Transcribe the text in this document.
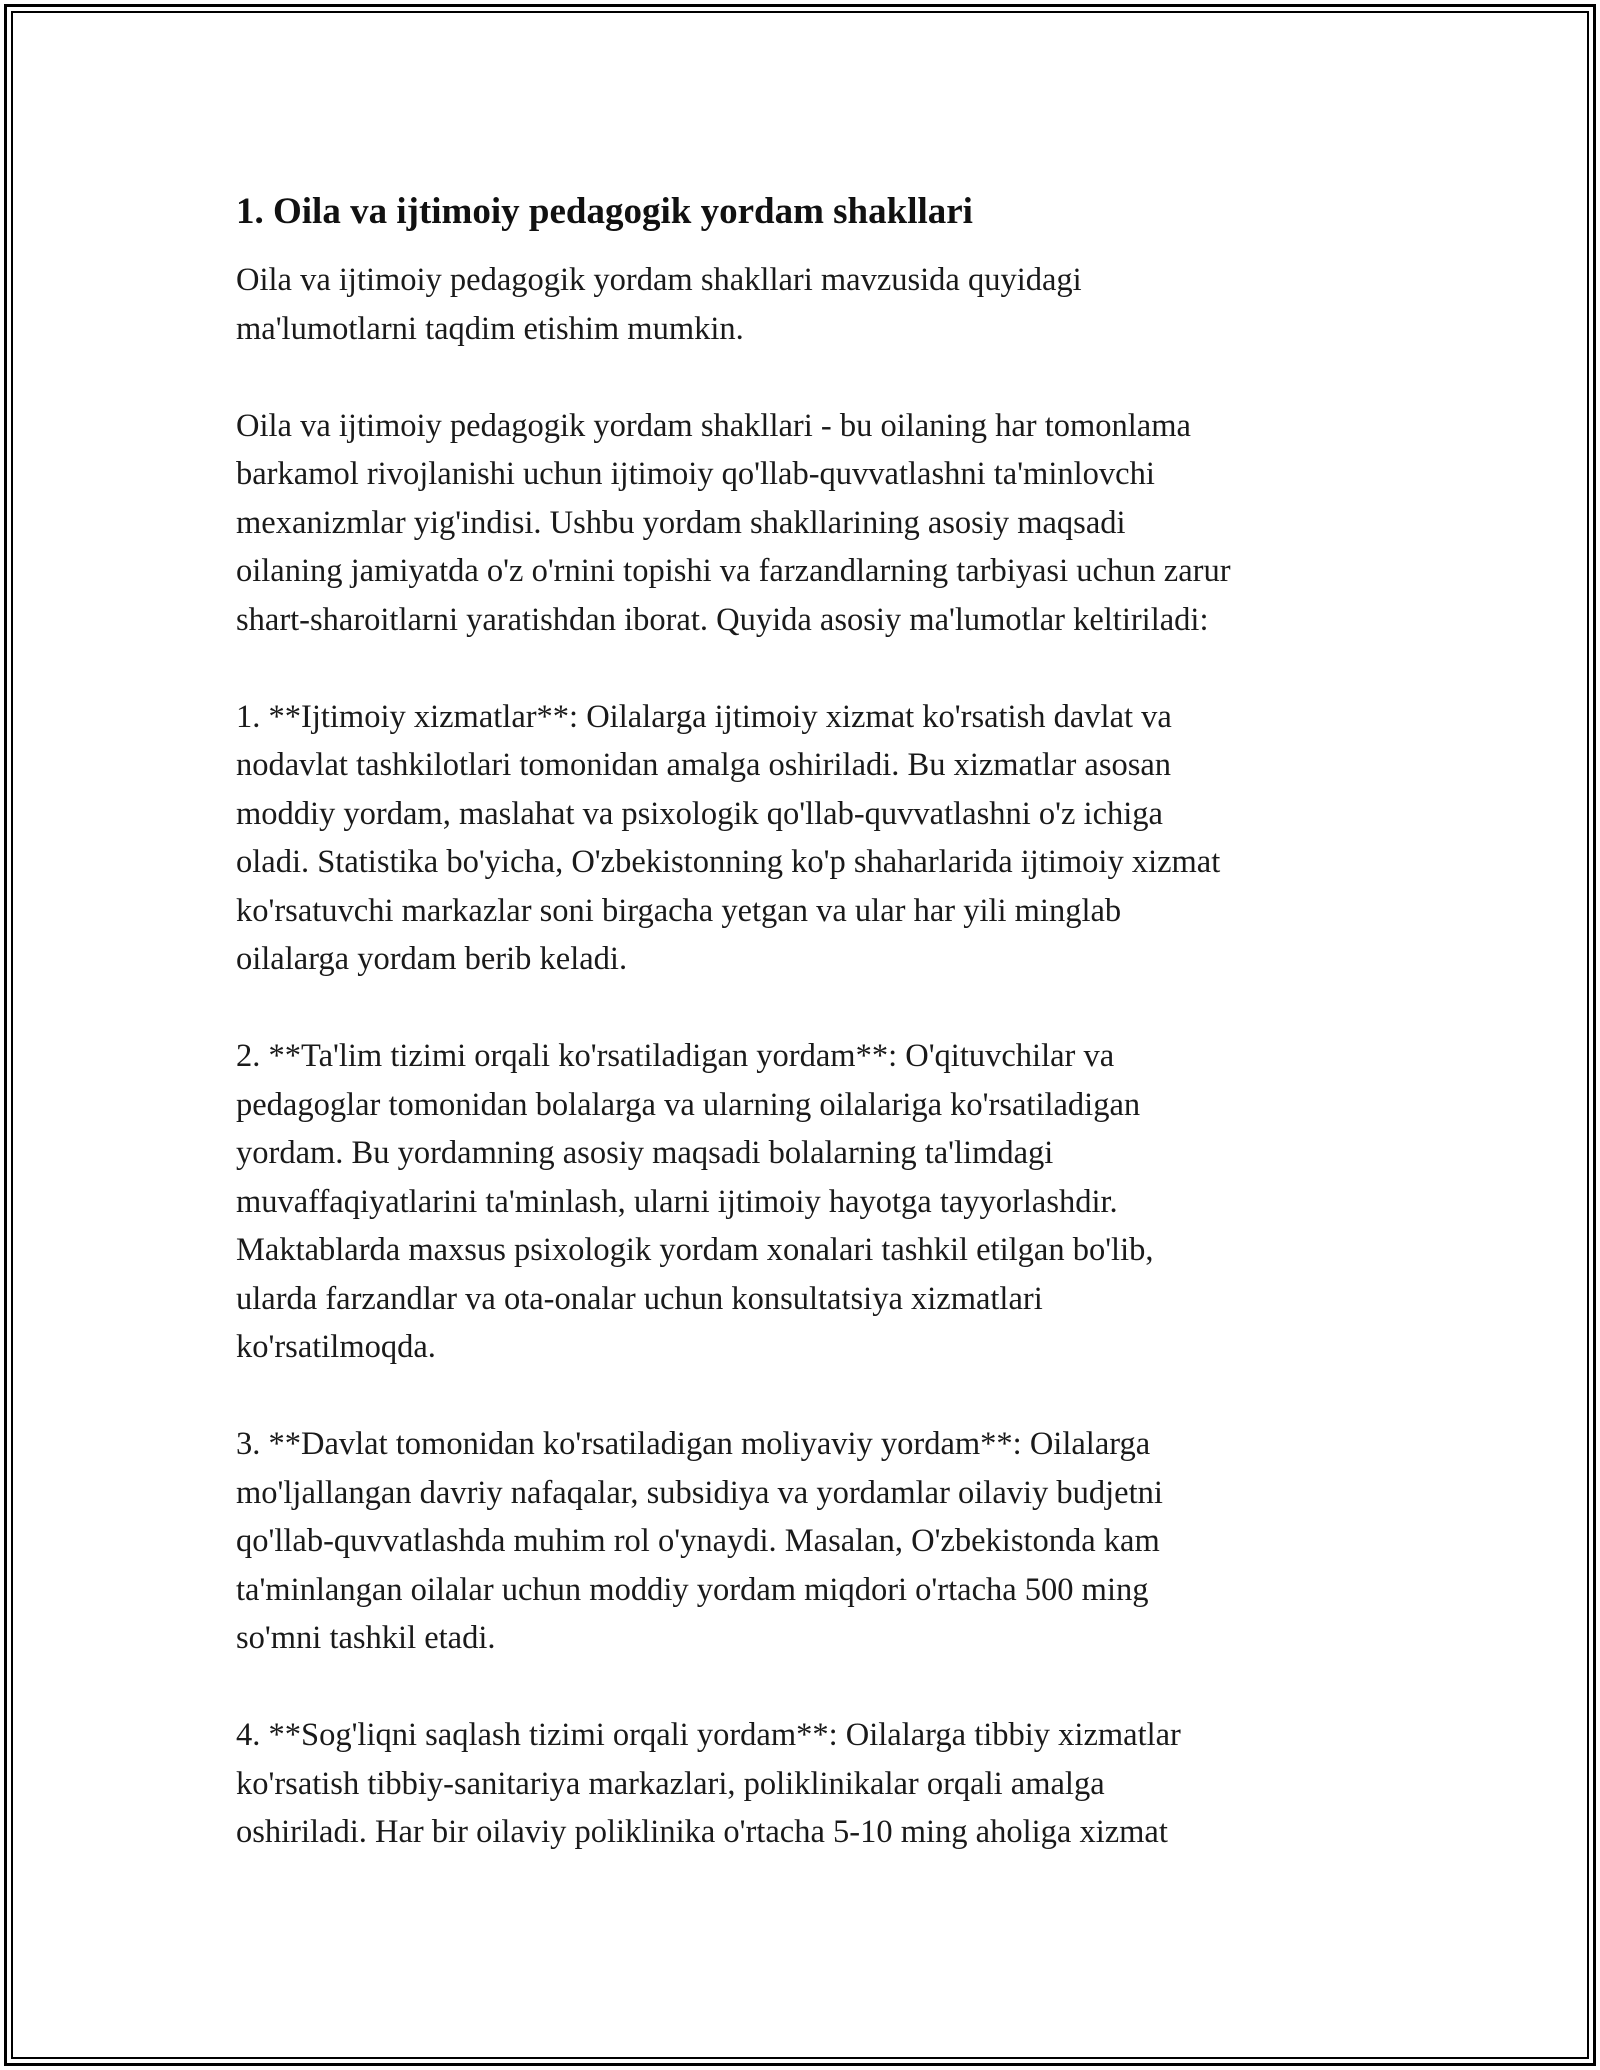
1. Oila va ijtimoiy pedagogik yordam shakllari

Oila va ijtimoiy pedagogik yordam shakllari mavzusida quyidagi
ma'lumotlarni taqdim etishim mumkin.

Oila va ijtimoiy pedagogik yordam shakllari - bu oilaning har tomonlama
barkamol rivojlanishi uchun ijtimoiy qo'llab-quvvatlashni ta'minlovchi
mexanizmlar yig'indisi. Ushbu yordam shakllarining asosiy maqsadi
oilaning jamiyatda o'z o'rnini topishi va farzandlarning tarbiyasi uchun zarur
shart-sharoitlarni yaratishdan iborat. Quyida asosiy ma'lumotlar keltiriladi:

1. **Ijtimoiy xizmatlar**: Oilalarga ijtimoiy xizmat ko'rsatish davlat va
nodavlat tashkilotlari tomonidan amalga oshiriladi. Bu xizmatlar asosan
moddiy yordam, maslahat va psixologik qo'llab-quvvatlashni o'z ichiga
oladi. Statistika bo'yicha, O'zbekistonning ko'p shaharlarida ijtimoiy xizmat
ko'rsatuvchi markazlar soni birgacha yetgan va ular har yili minglab
oilalarga yordam berib keladi.

2. **Ta'lim tizimi orqali ko'rsatiladigan yordam**: O'qituvchilar va
pedagoglar tomonidan bolalarga va ularning oilalariga ko'rsatiladigan
yordam. Bu yordamning asosiy maqsadi bolalarning ta'limdagi
muvaffaqiyatlarini ta'minlash, ularni ijtimoiy hayotga tayyorlashdir.
Maktablarda maxsus psixologik yordam xonalari tashkil etilgan bo'lib,
ularda farzandlar va ota-onalar uchun konsultatsiya xizmatlari
ko'rsatilmoqda.

3. **Davlat tomonidan ko'rsatiladigan moliyaviy yordam**: Oilalarga
mo'ljallangan davriy nafaqalar, subsidiya va yordamlar oilaviy budjetni
qo'llab-quvvatlashda muhim rol o'ynaydi. Masalan, O'zbekistonda kam
ta'minlangan oilalar uchun moddiy yordam miqdori o'rtacha 500 ming
so'mni tashkil etadi.

4. **Sog'liqni saqlash tizimi orqali yordam**: Oilalarga tibbiy xizmatlar
ko'rsatish tibbiy-sanitariya markazlari, poliklinikalar orqali amalga
oshiriladi. Har bir oilaviy poliklinika o'rtacha 5-10 ming aholiga xizmat
